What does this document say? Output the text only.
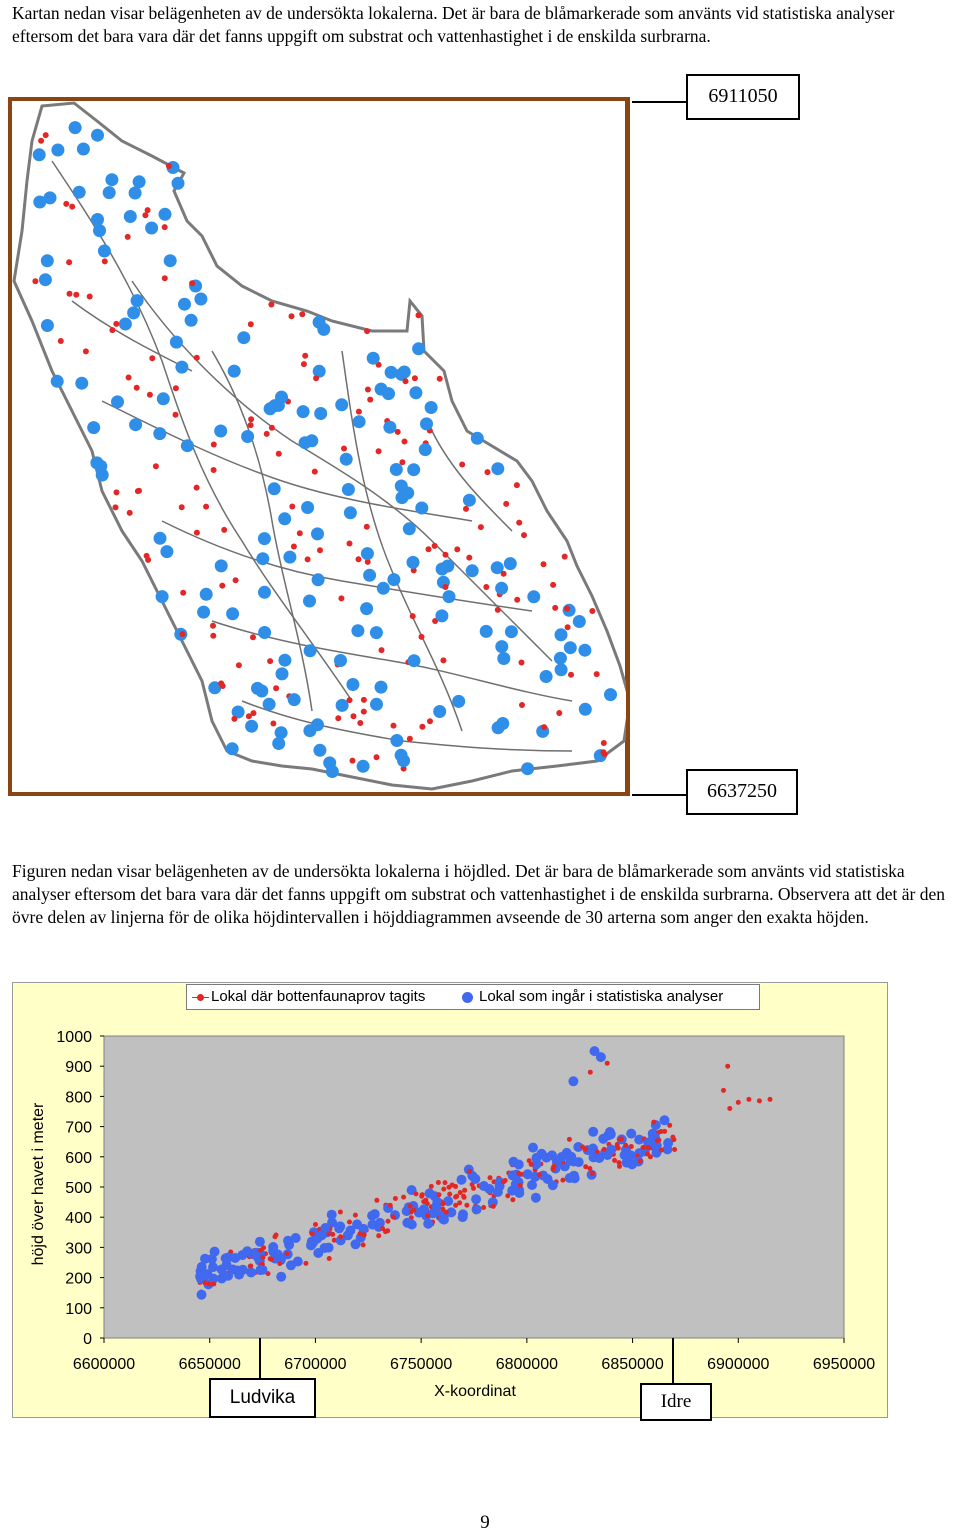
Kartan nedan visar belägenheten av de undersökta lokalerna. Det är bara de blåmarkerade som använts vid statistiska analyser eftersom det bara vara där det fanns uppgift om substrat och vattenhastighet i de enskilda surbrarna.

6911050
6637250

Figuren nedan visar belägenheten av de undersökta lokalerna i höjdled. Det är bara de blåmarkerade som använts vid statistiska analyser eftersom det bara vara där det fanns uppgift om substrat och vattenhastighet i de enskilda surbrarna. Observera att det är den övre delen av linjerna för de olika höjdintervallen i höjddiagrammen avseende de 30 arterna som anger den exakta höjden.

0
100
200
300
400
500
600
700
800
900
1000
6600000	6650000	6700000	6750000	6800000	6850000	6900000	6950000
Lokal där bottenfaunaprov tagits	Lokal som ingår i statistiska analyser
höjd över havet i meter
X-koordinat
Ludvika	Idre
9
